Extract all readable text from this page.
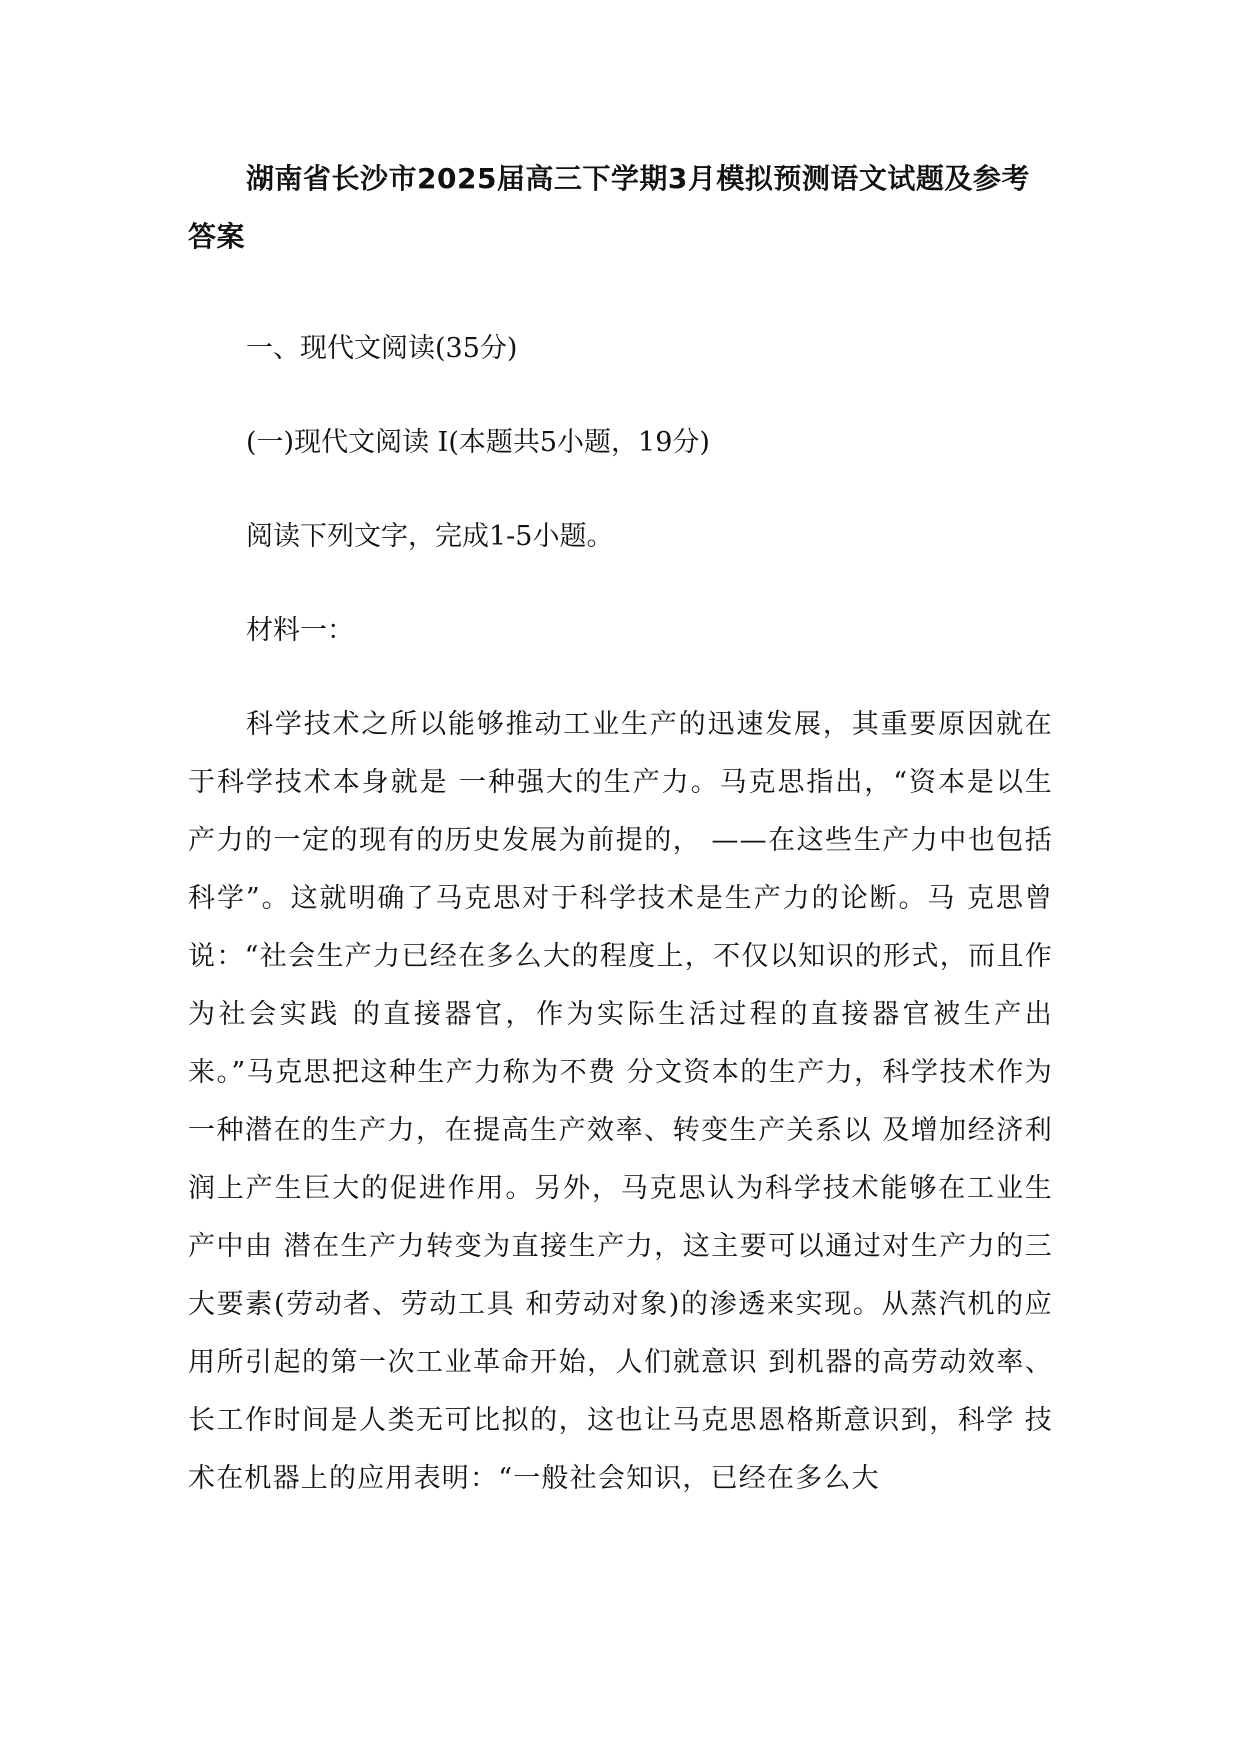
湖南省长沙市2025届高三下学期3月模拟预测语文试题及参考答案

一、现代文阅读(35分)

(一)现代文阅读 Ⅰ(本题共5小题，19分)

阅读下列文字，完成1-5小题。

材料一：

科学技术之所以能够推动工业生产的迅速发展，其重要原因就在于科学技术本身就是 一种强大的生产力。马克思指出，“资本是以生产力的一定的现有的历史发展为前提的， ——在这些生产力中也包括科学”。这就明确了马克思对于科学技术是生产力的论断。马 克思曾说：“社会生产力已经在多么大的程度上，不仅以知识的形式，而且作为社会实践 的直接器官，作为实际生活过程的直接器官被生产出来。”马克思把这种生产力称为不费 分文资本的生产力，科学技术作为一种潜在的生产力，在提高生产效率、转变生产关系以 及增加经济利润上产生巨大的促进作用。另外，马克思认为科学技术能够在工业生产中由 潜在生产力转变为直接生产力，这主要可以通过对生产力的三大要素(劳动者、劳动工具 和劳动对象)的渗透来实现。从蒸汽机的应用所引起的第一次工业革命开始，人们就意识 到机器的高劳动效率、长工作时间是人类无可比拟的，这也让马克思恩格斯意识到，科学 技术在机器上的应用表明：“一般社会知识，已经在多么大
